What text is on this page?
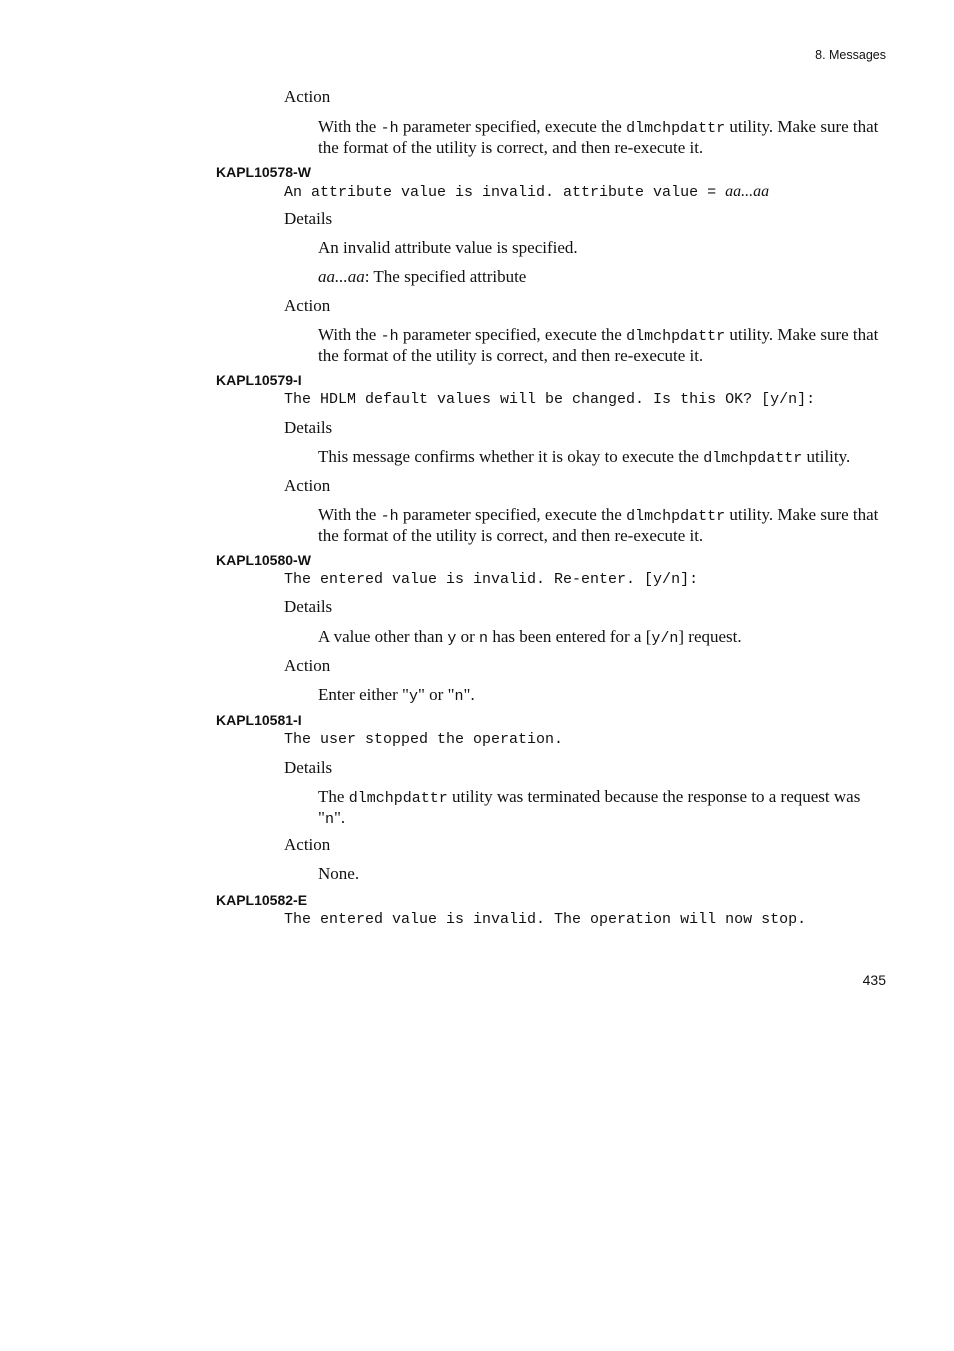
8. Messages
Action
With the -h parameter specified, execute the dlmchpdattr utility. Make sure that the format of the utility is correct, and then re-execute it.
KAPL10578-W
An attribute value is invalid. attribute value = aa...aa
Details
An invalid attribute value is specified.
aa...aa: The specified attribute
Action
With the -h parameter specified, execute the dlmchpdattr utility. Make sure that the format of the utility is correct, and then re-execute it.
KAPL10579-I
The HDLM default values will be changed. Is this OK? [y/n]:
Details
This message confirms whether it is okay to execute the dlmchpdattr utility.
Action
With the -h parameter specified, execute the dlmchpdattr utility. Make sure that the format of the utility is correct, and then re-execute it.
KAPL10580-W
The entered value is invalid. Re-enter. [y/n]:
Details
A value other than y or n has been entered for a [y/n] request.
Action
Enter either "y" or "n".
KAPL10581-I
The user stopped the operation.
Details
The dlmchpdattr utility was terminated because the response to a request was "n".
Action
None.
KAPL10582-E
The entered value is invalid. The operation will now stop.
435
